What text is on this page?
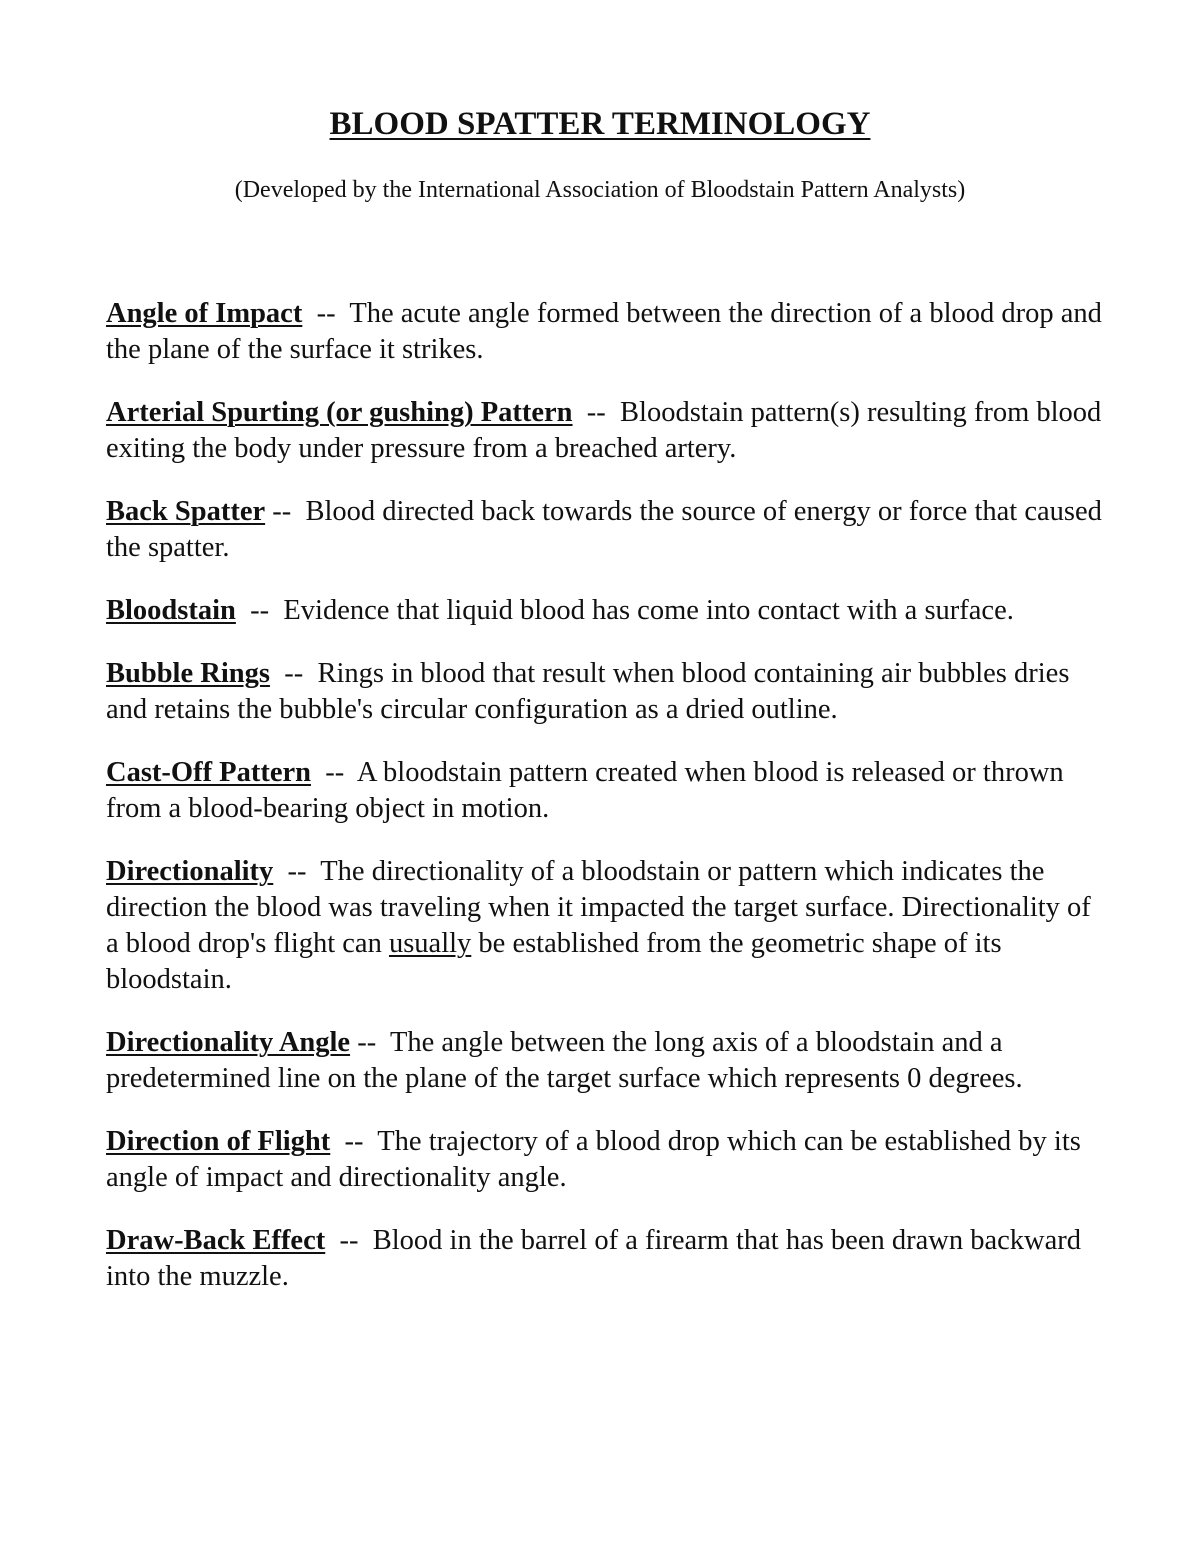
BLOOD SPATTER TERMINOLOGY
(Developed by the International Association of Bloodstain Pattern Analysts)

Angle of Impact -- The acute angle formed between the direction of a blood drop and the plane of the surface it strikes.

Arterial Spurting (or gushing) Pattern -- Bloodstain pattern(s) resulting from blood exiting the body under pressure from a breached artery.

Back Spatter -- Blood directed back towards the source of energy or force that caused the spatter.

Bloodstain -- Evidence that liquid blood has come into contact with a surface.

Bubble Rings -- Rings in blood that result when blood containing air bubbles dries and retains the bubble's circular configuration as a dried outline.

Cast-Off Pattern -- A bloodstain pattern created when blood is released or thrown from a blood-bearing object in motion.

Directionality -- The directionality of a bloodstain or pattern which indicates the direction the blood was traveling when it impacted the target surface. Directionality of a blood drop's flight can usually be established from the geometric shape of its bloodstain.

Directionality Angle -- The angle between the long axis of a bloodstain and a predetermined line on the plane of the target surface which represents 0 degrees.

Direction of Flight -- The trajectory of a blood drop which can be established by its angle of impact and directionality angle.

Draw-Back Effect -- Blood in the barrel of a firearm that has been drawn backward into the muzzle.
